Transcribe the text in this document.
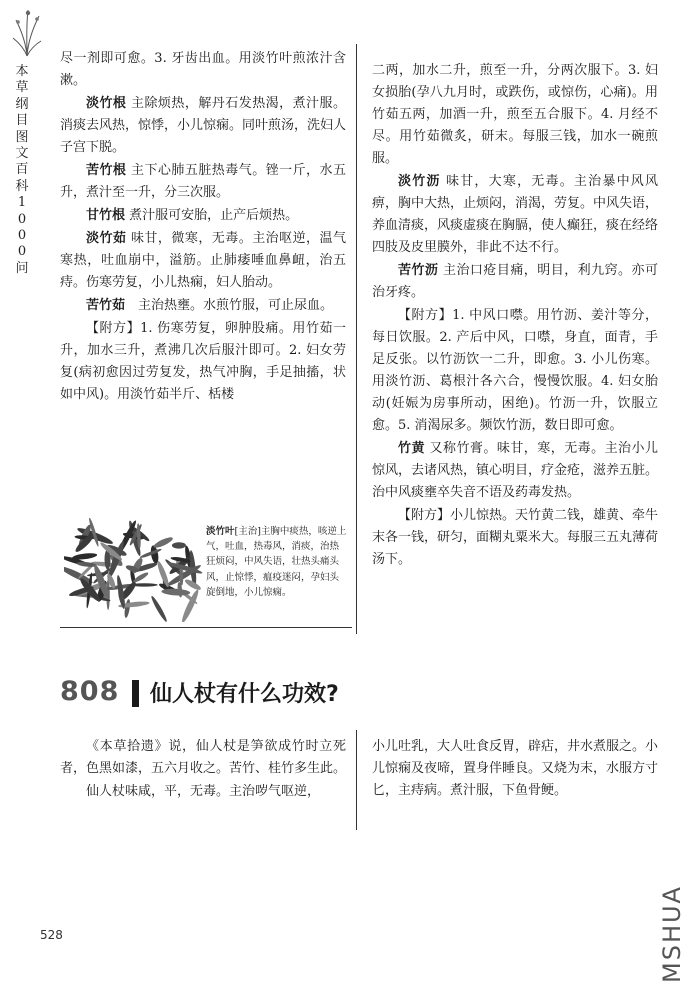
本草纲目图文百科1000问

尽一剂即可愈。3. 牙齿出血。用淡竹叶煎浓汁含漱。

淡竹根 主除烦热，解丹石发热渴，煮汁服。消痰去风热，惊悸，小儿惊痫。同叶煎汤，洗妇人子宫下脱。

苦竹根 主下心肺五脏热毒气。锉一斤，水五升，煮汁至一升，分三次服。

甘竹根 煮汁服可安胎，止产后烦热。

淡竹茹 味甘，微寒，无毒。主治呕逆，温气寒热，吐血崩中，溢筋。止肺痿唾血鼻衄，治五痔。伤寒劳复，小儿热痫，妇人胎动。

苦竹茹　主治热壅。水煎竹服，可止尿血。

【附方】1. 伤寒劳复，卵肿股痛。用竹茹一升，加水三升，煮沸几次后服汁即可。2. 妇女劳复(病初愈因过劳复发，热气冲胸，手足抽搐，状如中风)。用淡竹茹半斤、栝楼

淡竹叶[主治]主胸中痰热，咳逆上气，吐血，热毒风，消痰，治热狂烦闷，中风失语，壮热头痛头风，止惊悸，瘟疫迷闷，孕妇头旋倒地，小儿惊痫。

二两，加水二升，煎至一升，分两次服下。3. 妇女损胎(孕八九月时，或跌伤，或惊伤，心痛)。用竹茹五两，加酒一升，煎至五合服下。4. 月经不尽。用竹茹微炙，研末。每服三钱，加水一碗煎服。

淡竹沥 味甘，大寒，无毒。主治暴中风风痹，胸中大热，止烦闷，消渴，劳复。中风失语，养血清痰，风痰虚痰在胸膈，使人癫狂，痰在经络四肢及皮里膜外，非此不达不行。

苦竹沥 主治口疮目痛，明目，利九窍。亦可治牙疼。

【附方】1. 中风口噤。用竹沥、姜汁等分，每日饮服。2. 产后中风，口噤，身直，面青，手足反张。以竹沥饮一二升，即愈。3. 小儿伤寒。用淡竹沥、葛根汁各六合，慢慢饮服。4. 妇女胎动(妊娠为房事所动，困绝)。竹沥一升，饮服立愈。5. 消渴尿多。频饮竹沥，数日即可愈。

竹黄 又称竹膏。味甘，寒，无毒。主治小儿惊风，去诸风热，镇心明目，疗金疮，滋养五脏。治中风痰壅卒失音不语及药毒发热。

【附方】小儿惊热。天竹黄二钱，雄黄、牵牛末各一钱，研匀，面糊丸粟米大。每服三五丸薄荷汤下。

808 仙人杖有什么功效?

《本草拾遗》说，仙人杖是笋欲成竹时立死者，色黑如漆，五六月收之。苦竹、桂竹多生此。

仙人杖味咸，平，无毒。主治哕气呕逆，

小儿吐乳，大人吐食反胃，辟痁，井水煮服之。小儿惊痫及夜啼，置身伴睡良。又烧为末，水服方寸匕，主痔病。煮汁服，下鱼骨鲠。

528	MSHUA
